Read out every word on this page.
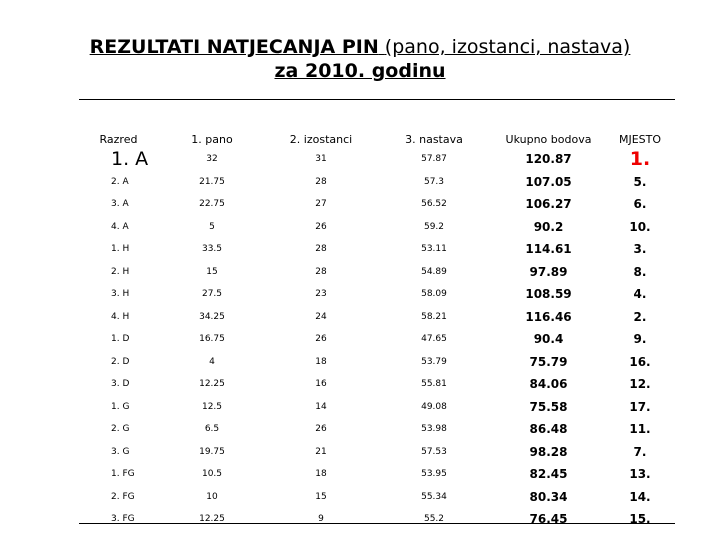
REZULTATI NATJECANJA PIN (pano, izostanci, nastava)
za 2010. godinu
Razred	1. pano	2. izostanci	3. nastava	Ukupno bodova	MJESTO
1. A	32	31	57.87	120.87	1.
2. A	21.75	28	57.3	107.05	5.
3. A	22.75	27	56.52	106.27	6.
4. A	5	26	59.2	90.2	10.
1. H	33.5	28	53.11	114.61	3.
2. H	15	28	54.89	97.89	8.
3. H	27.5	23	58.09	108.59	4.
4. H	34.25	24	58.21	116.46	2.
1. D	16.75	26	47.65	90.4	9.
2. D	4	18	53.79	75.79	16.
3. D	12.25	16	55.81	84.06	12.
1. G	12.5	14	49.08	75.58	17.
2. G	6.5	26	53.98	86.48	11.
3. G	19.75	21	57.53	98.28	7.
1. FG	10.5	18	53.95	82.45	13.
2. FG	10	15	55.34	80.34	14.
3. FG	12.25	9	55.2	76.45	15.
